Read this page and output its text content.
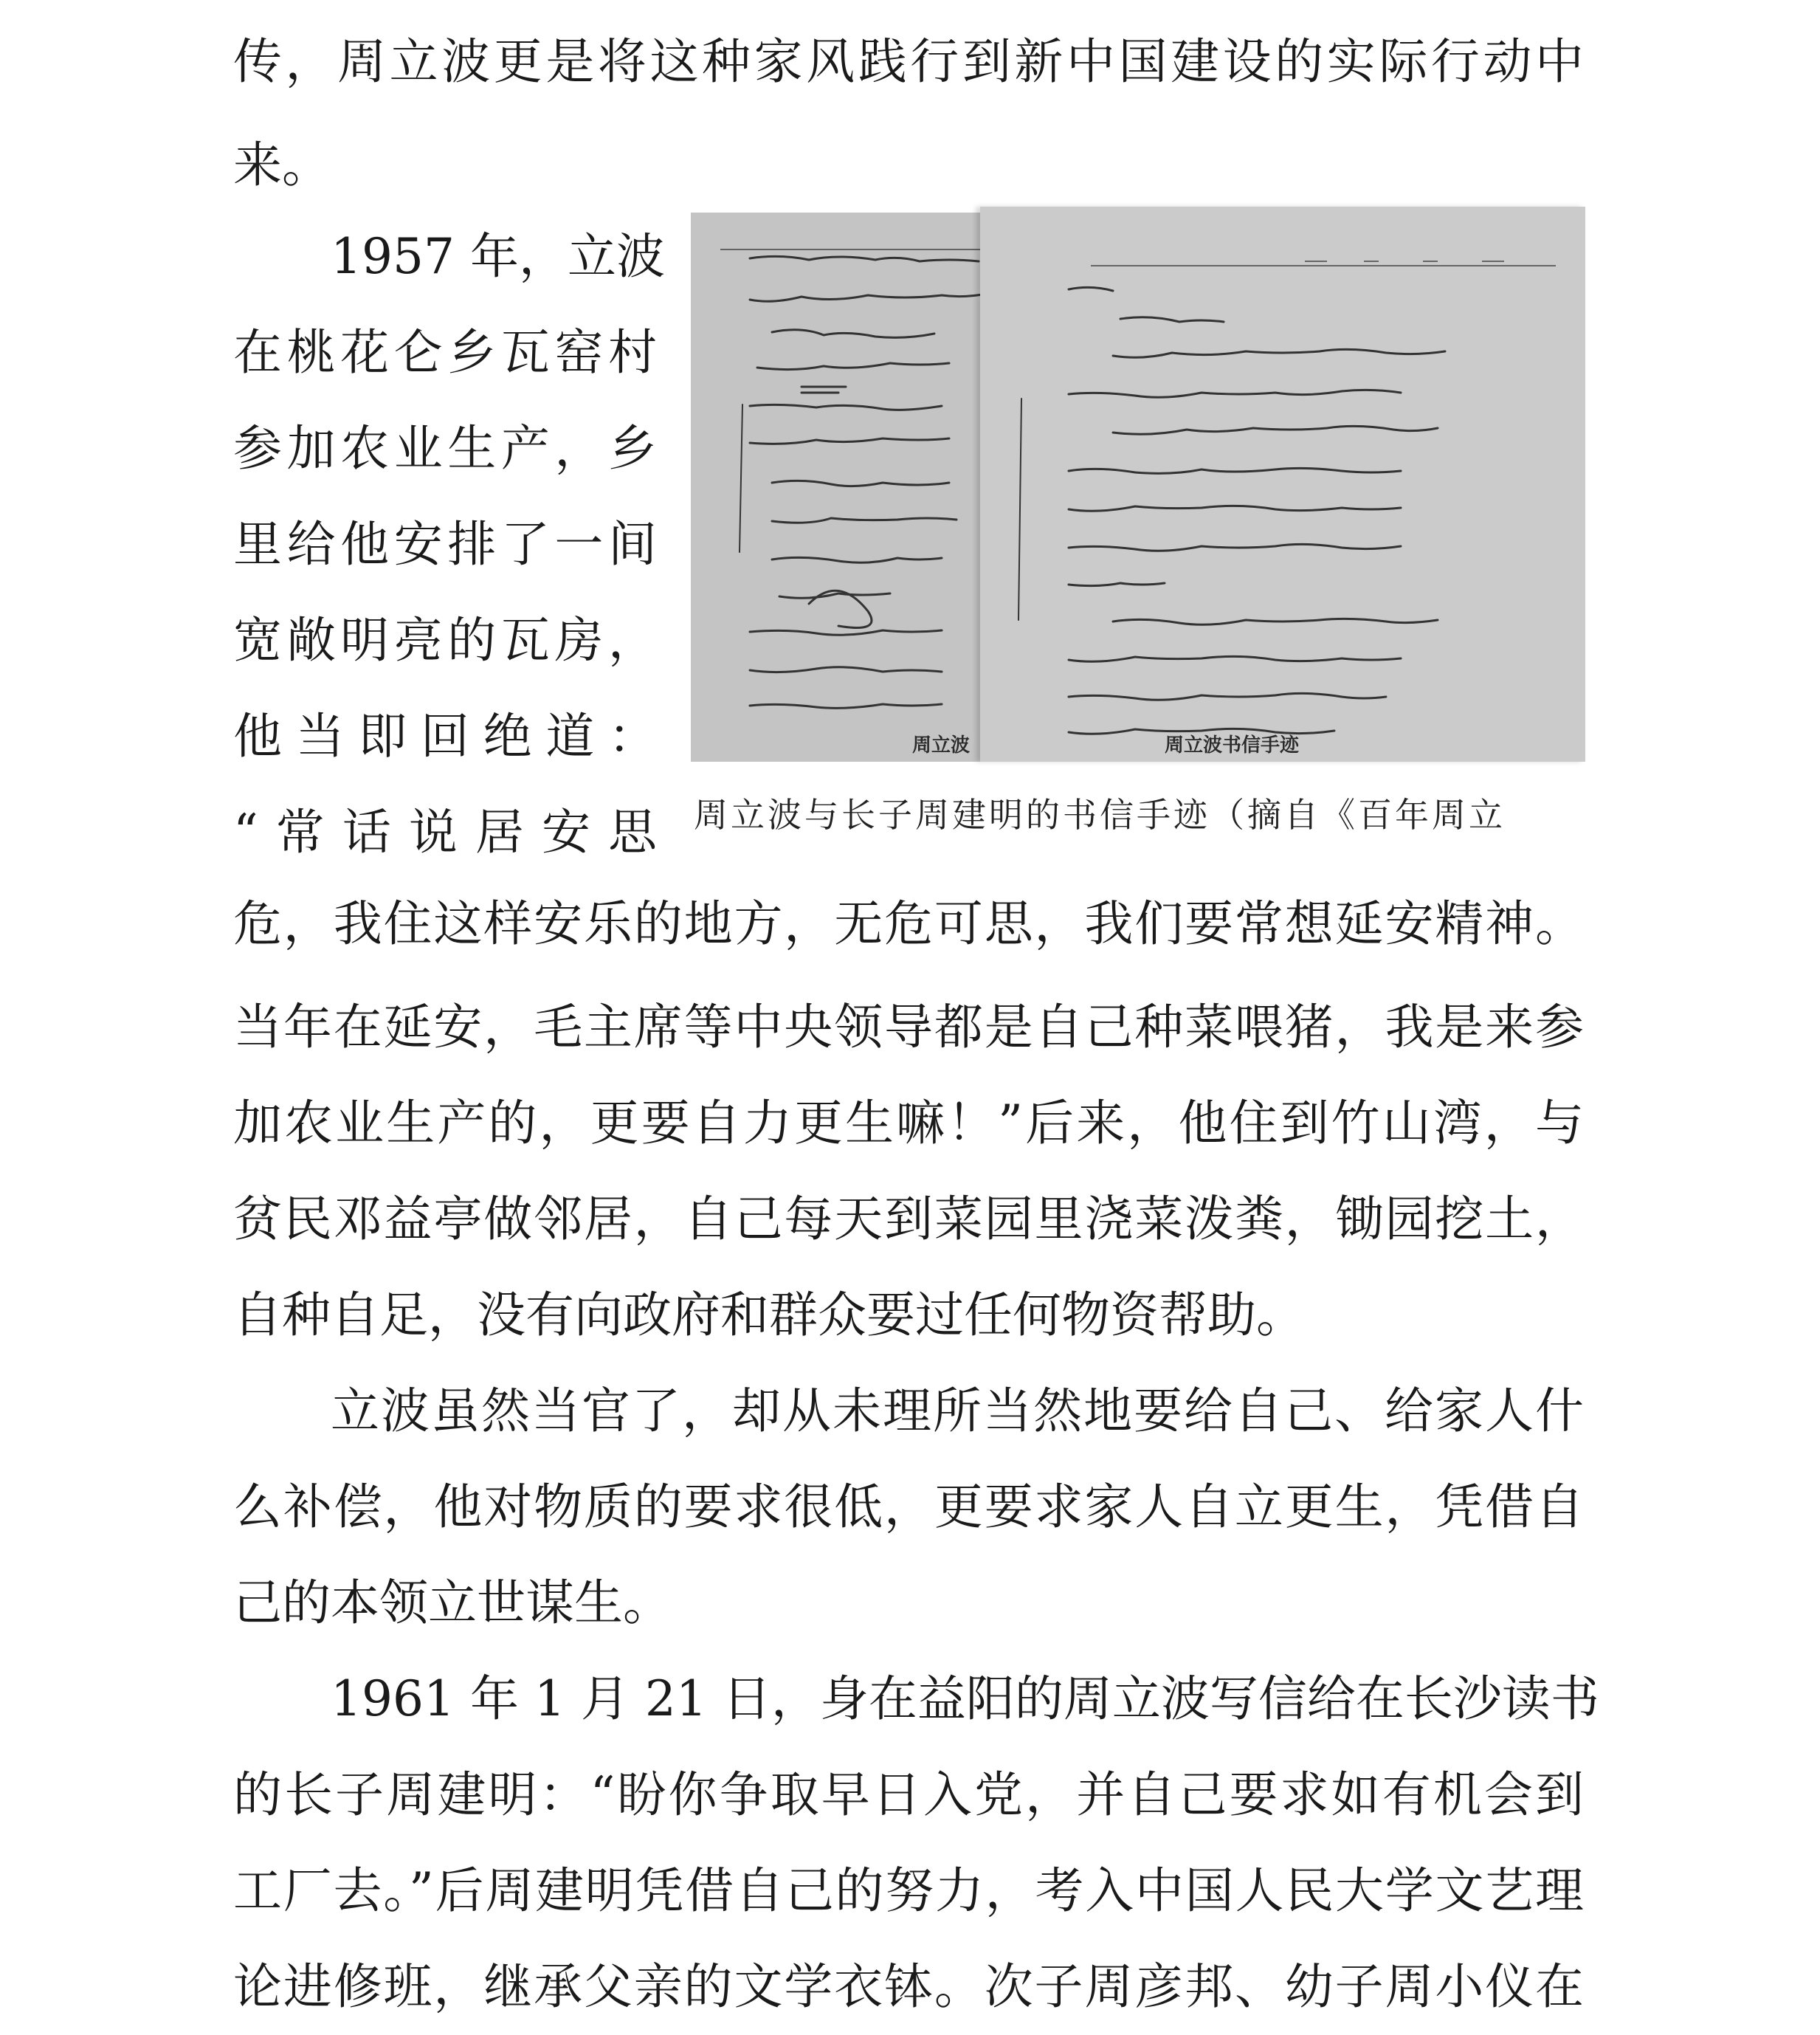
传，周立波更是将这种家风践行到新中国建设的实际行动中
来。
1957 年，立波
在桃花仑乡瓦窑村
参加农业生产，乡
里给他安排了一间
宽敞明亮的瓦房，
他当即回绝道：
“常话说居安思
周立波	周立波书信手迹
周立波与长子周建明的书信手迹（摘自《百年周立
危，我住这样安乐的地方，无危可思，我们要常想延安精神。
当年在延安，毛主席等中央领导都是自己种菜喂猪，我是来参
加农业生产的，更要自力更生嘛！”后来，他住到竹山湾，与
贫民邓益亭做邻居，自己每天到菜园里浇菜泼粪，锄园挖土，
自种自足，没有向政府和群众要过任何物资帮助。
立波虽然当官了，却从未理所当然地要给自己、给家人什
么补偿，他对物质的要求很低，更要求家人自立更生，凭借自
己的本领立世谋生。
1961 年 1 月 21 日，身在益阳的周立波写信给在长沙读书
的长子周建明：“盼你争取早日入党，并自己要求如有机会到
工厂去。”后周建明凭借自己的努力，考入中国人民大学文艺理
论进修班，继承父亲的文学衣钵。次子周彦邦、幼子周小仪在
